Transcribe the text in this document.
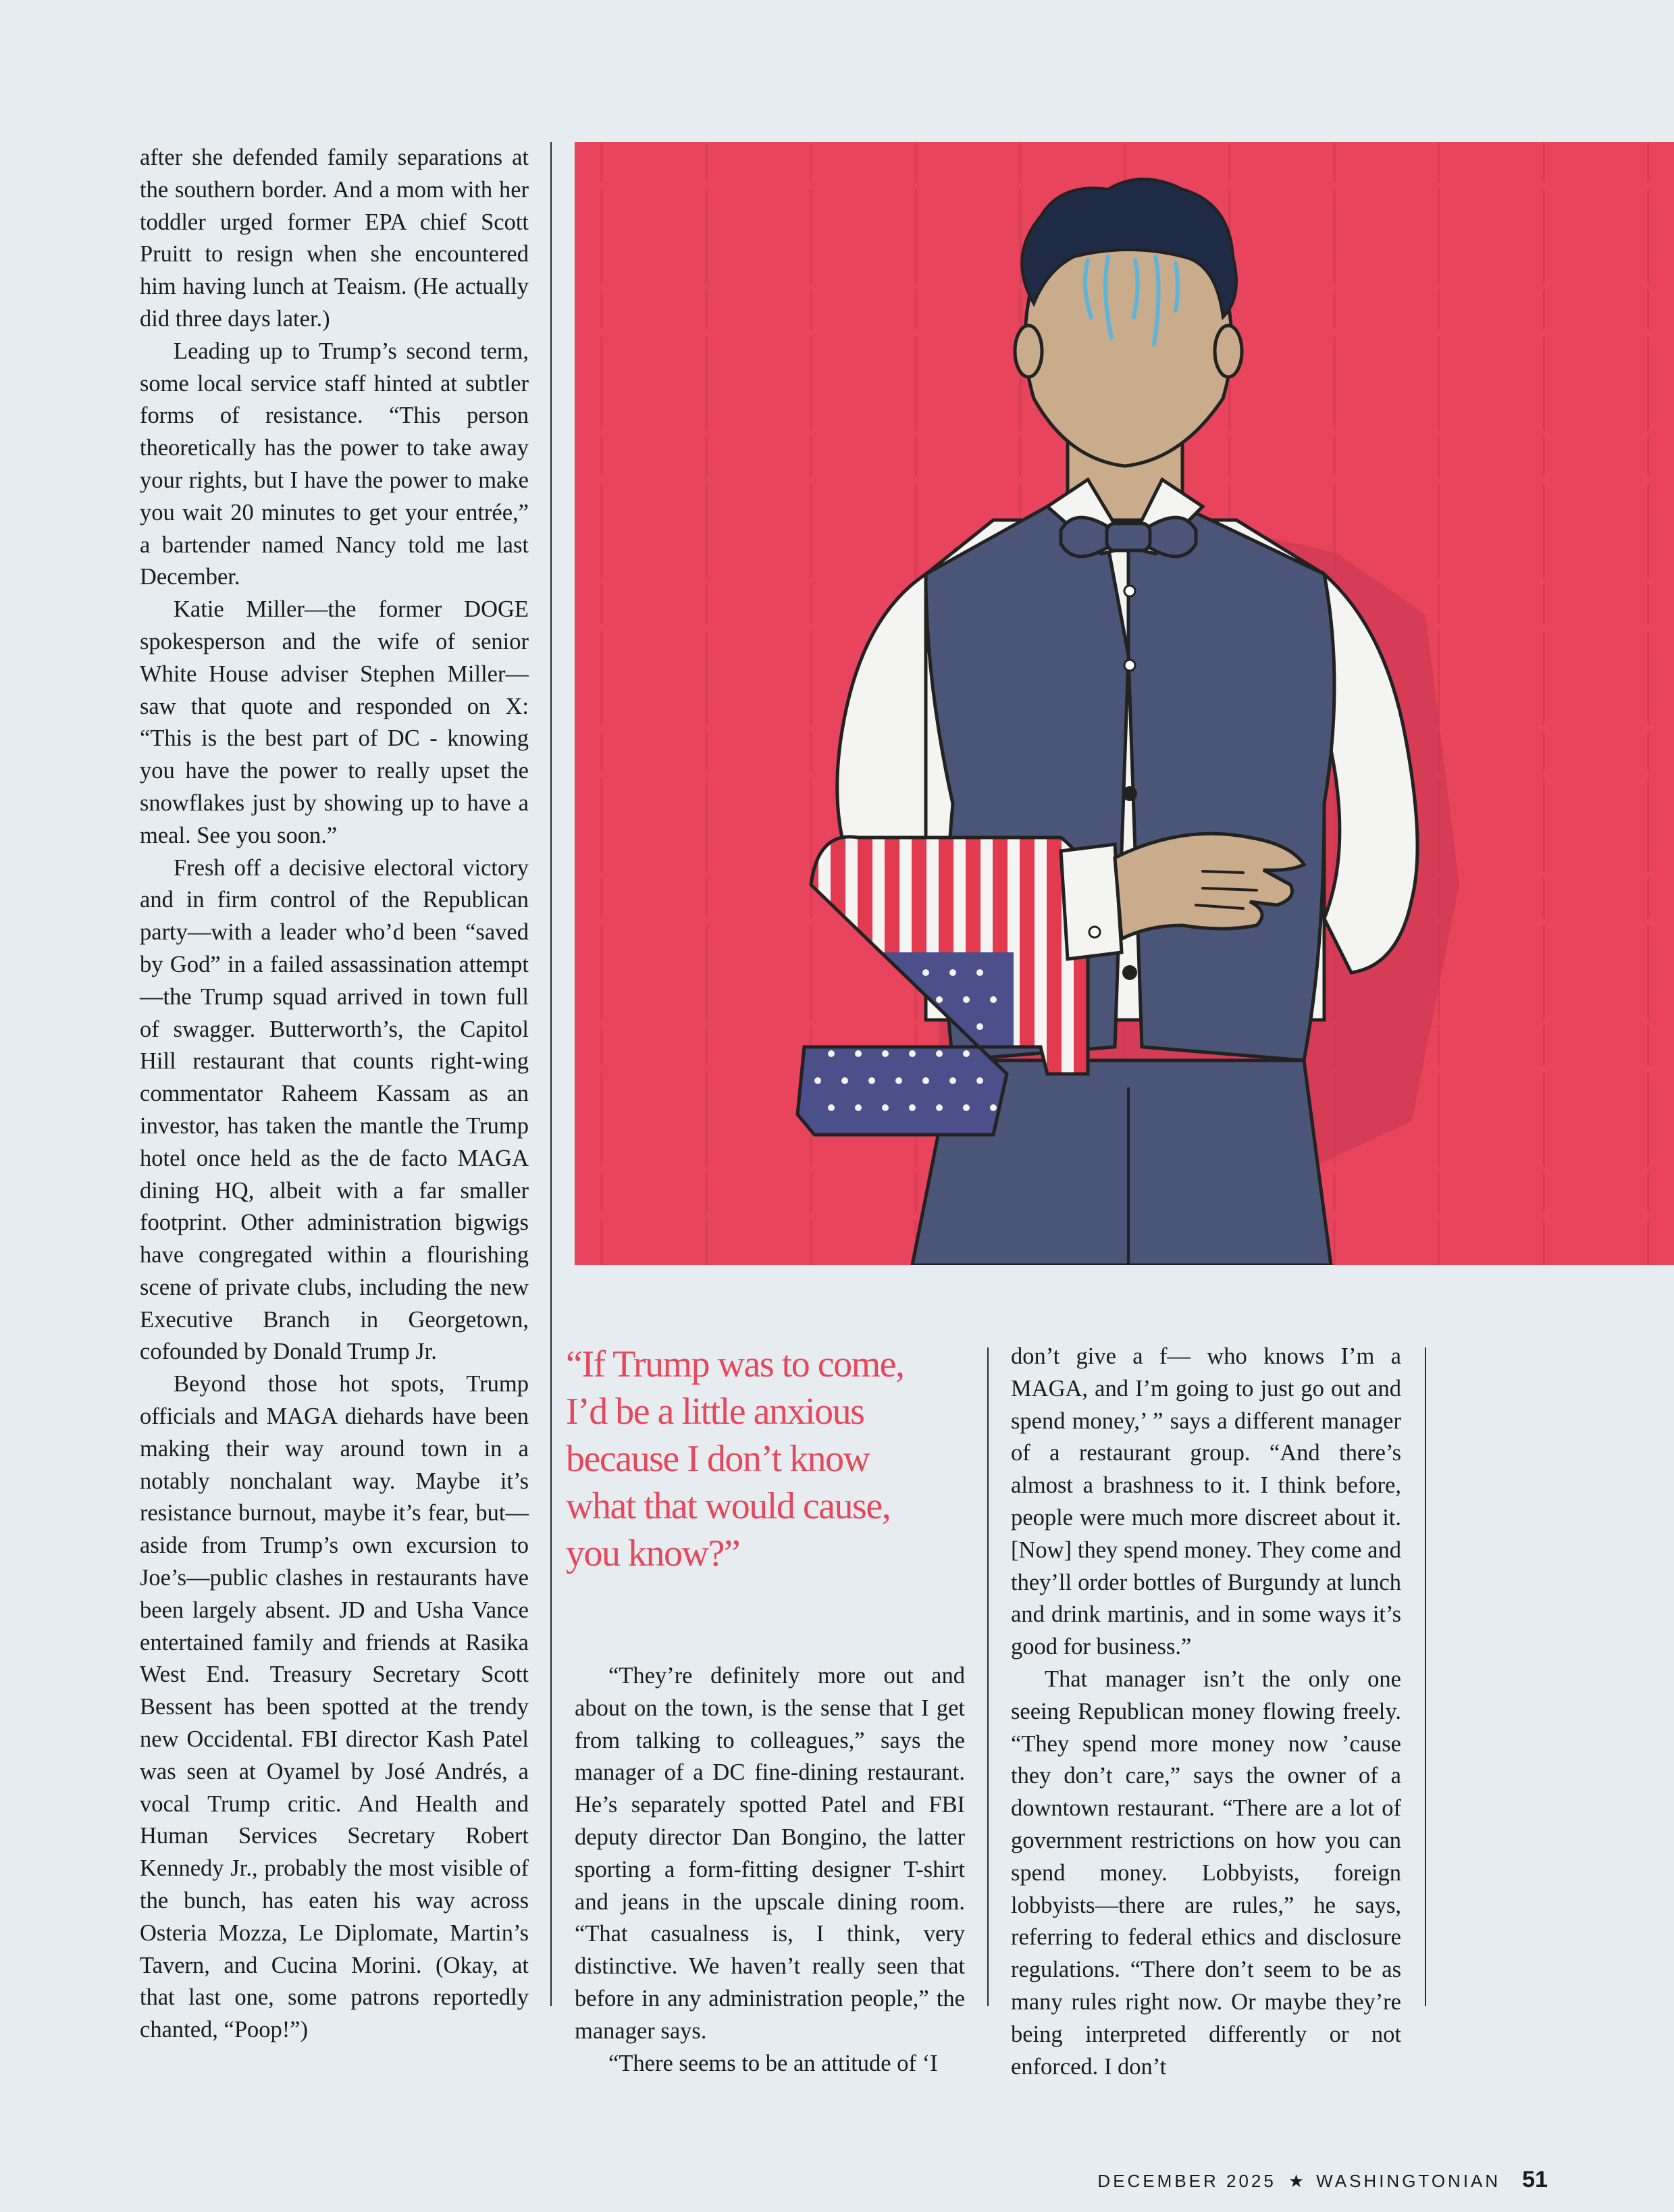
after she defended family separations at the southern border. And a mom with her toddler urged former EPA chief Scott Pruitt to resign when she encountered him having lunch at Teaism. (He actually did three days later.)

Leading up to Trump’s second term, some local service staff hinted at subtler forms of resistance. “This person theoretically has the power to take away your rights, but I have the power to make you wait 20 minutes to get your entrée,” a bartender named Nancy told me last December.

Katie Miller—the former DOGE spokesperson and the wife of senior White House adviser Stephen Miller—saw that quote and responded on X: “This is the best part of DC - knowing you have the power to really upset the snowflakes just by showing up to have a meal. See you soon.”

Fresh off a decisive electoral victory and in firm control of the Republican party—with a leader who’d been “saved by God” in a failed assassination attempt—the Trump squad arrived in town full of swagger. Butterworth’s, the Capitol Hill restaurant that counts right-wing commentator Raheem Kassam as an investor, has taken the mantle the Trump hotel once held as the de facto MAGA dining HQ, albeit with a far smaller footprint. Other administration bigwigs have congregated within a flourishing scene of private clubs, including the new Executive Branch in Georgetown, cofounded by Donald Trump Jr.

Beyond those hot spots, Trump officials and MAGA diehards have been making their way around town in a notably nonchalant way. Maybe it’s resistance burnout, maybe it’s fear, but—aside from Trump’s own excursion to Joe’s—public clashes in restaurants have been largely absent. JD and Usha Vance entertained family and friends at Rasika West End. Treasury Secretary Scott Bessent has been spotted at the trendy new Occidental. FBI director Kash Patel was seen at Oyamel by José Andrés, a vocal Trump critic. And Health and Human Services Secretary Robert Kennedy Jr., probably the most visible of the bunch, has eaten his way across Osteria Mozza, Le Diplomate, Martin’s Tavern, and Cucina Morini. (Okay, at that last one, some patrons reportedly chanted, “Poop!”)

“If Trump was to come, I’d be a little anxious because I don’t know what that would cause, you know?”

“They’re definitely more out and about on the town, is the sense that I get from talking to colleagues,” says the manager of a DC fine-dining restaurant. He’s separately spotted Patel and FBI deputy director Dan Bongino, the latter sporting a form-fitting designer T-shirt and jeans in the upscale dining room. “That casualness is, I think, very distinctive. We haven’t really seen that before in any administration people,” the manager says.

“There seems to be an attitude of ‘I

don’t give a f— who knows I’m a MAGA, and I’m going to just go out and spend money,’ ” says a different manager of a restaurant group. “And there’s almost a brashness to it. I think before, people were much more discreet about it. [Now] they spend money. They come and they’ll order bottles of Burgundy at lunch and drink martinis, and in some ways it’s good for business.”

That manager isn’t the only one seeing Republican money flowing freely. “They spend more money now ’cause they don’t care,” says the owner of a downtown restaurant. “There are a lot of government restrictions on how you can spend money. Lobbyists, foreign lobbyists—there are rules,” he says, referring to federal ethics and disclosure regulations. “There don’t seem to be as many rules right now. Or maybe they’re being interpreted differently or not enforced. I don’t

DECEMBER 2025 ★ WASHINGTONIAN 51
